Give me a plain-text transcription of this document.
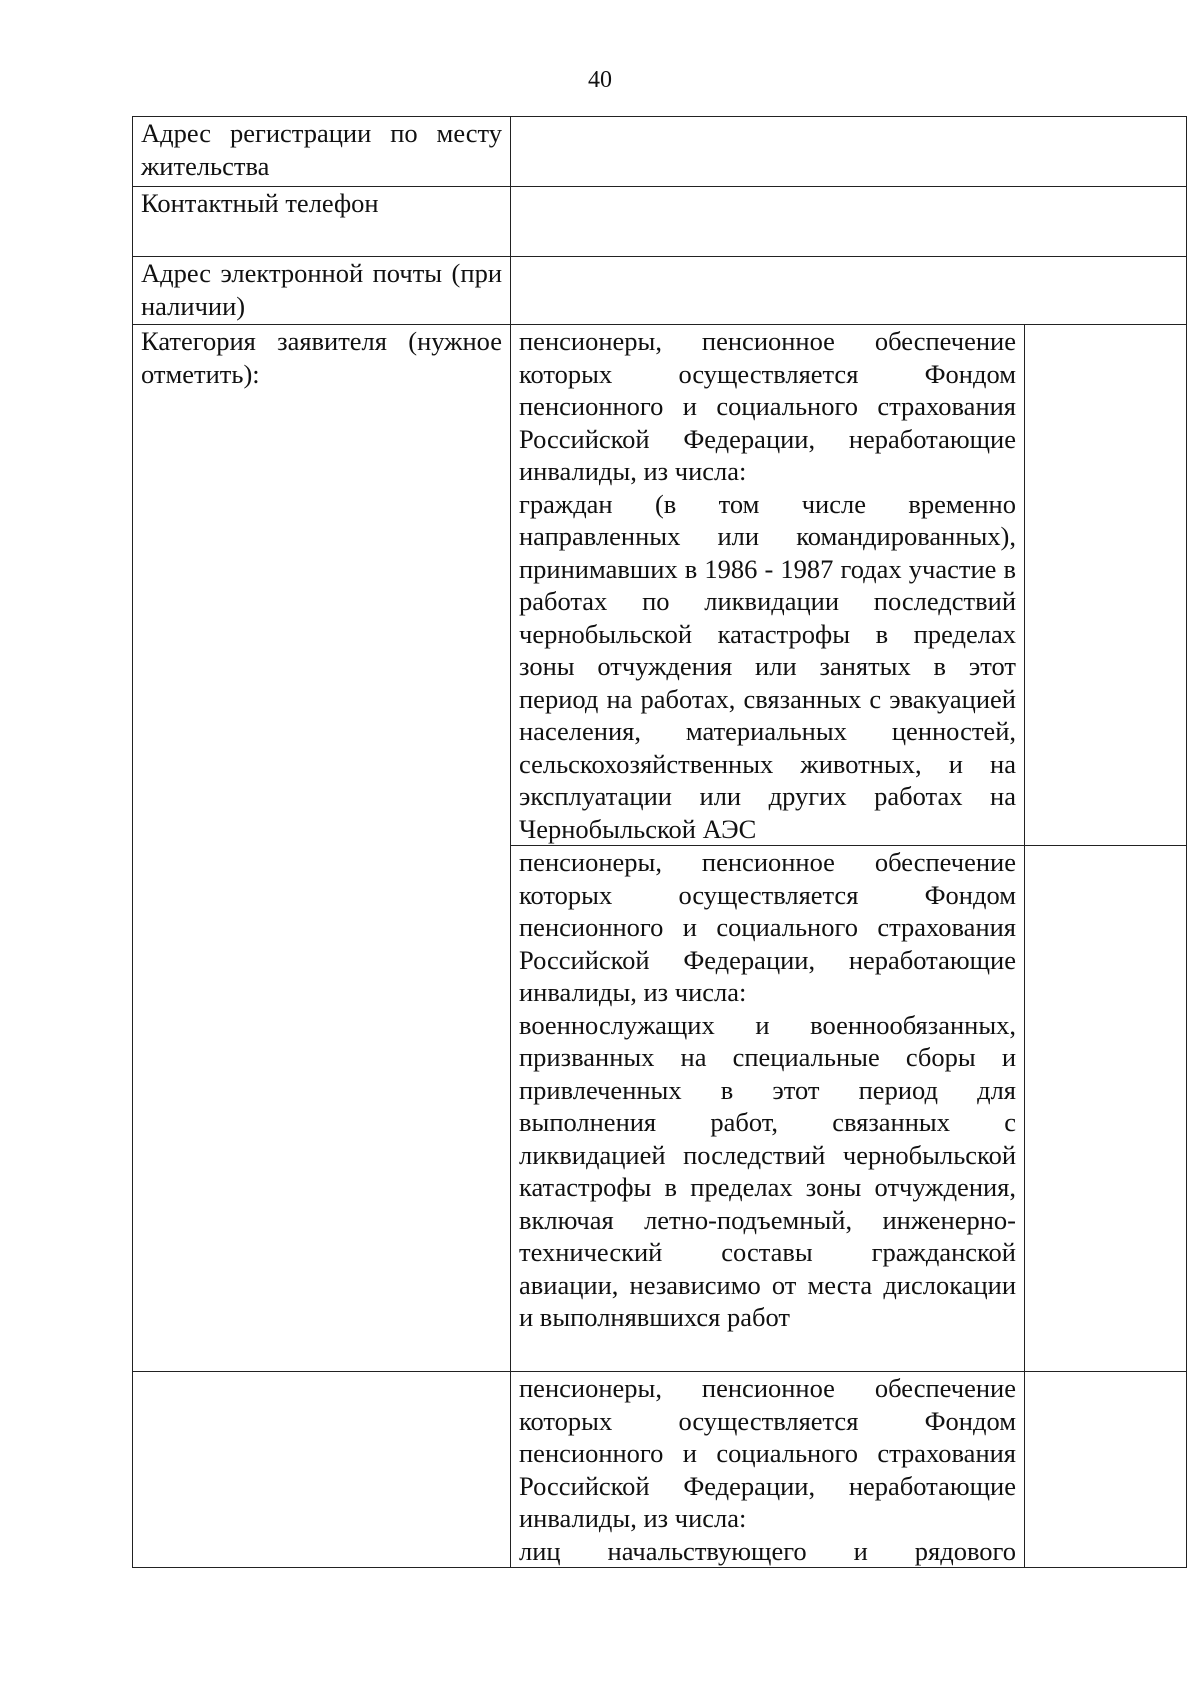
40
Адрес регистрации по месту жительства		

Контактный телефон		

Адрес электронной почты (при наличии)		

Категория заявителя (нужное отметить):	пенсионеры, пенсионное обеспечение которых осуществляется Фондом пенсионного и социального страхования Российской Федерации, неработающие инвалиды, из числа:
граждан (в том числе временно направленных или командированных), принимавших в 1986 - 1987 годах участие в работах по ликвидации последствий чернобыльской катастрофы в пределах зоны отчуждения или занятых в этот период на работах, связанных с эвакуацией населения, материальных ценностей, сельскохозяйственных животных, и на эксплуатации или других работах на Чернобыльской АЭС	

	пенсионеры, пенсионное обеспечение которых осуществляется Фондом пенсионного и социального страхования Российской Федерации, неработающие инвалиды, из числа:
военнослужащих и военнообязанных, призванных на специальные сборы и привлеченных в этот период для выполнения работ, связанных с ликвидацией последствий чернобыльской катастрофы в пределах зоны отчуждения, включая летно-подъемный, инженерно-технический составы гражданской авиации, независимо от места дислокации и выполнявшихся работ	

	пенсионеры, пенсионное обеспечение которых осуществляется Фондом пенсионного и социального страхования Российской Федерации, неработающие инвалиды, из числа:
лиц начальствующего и рядового	
